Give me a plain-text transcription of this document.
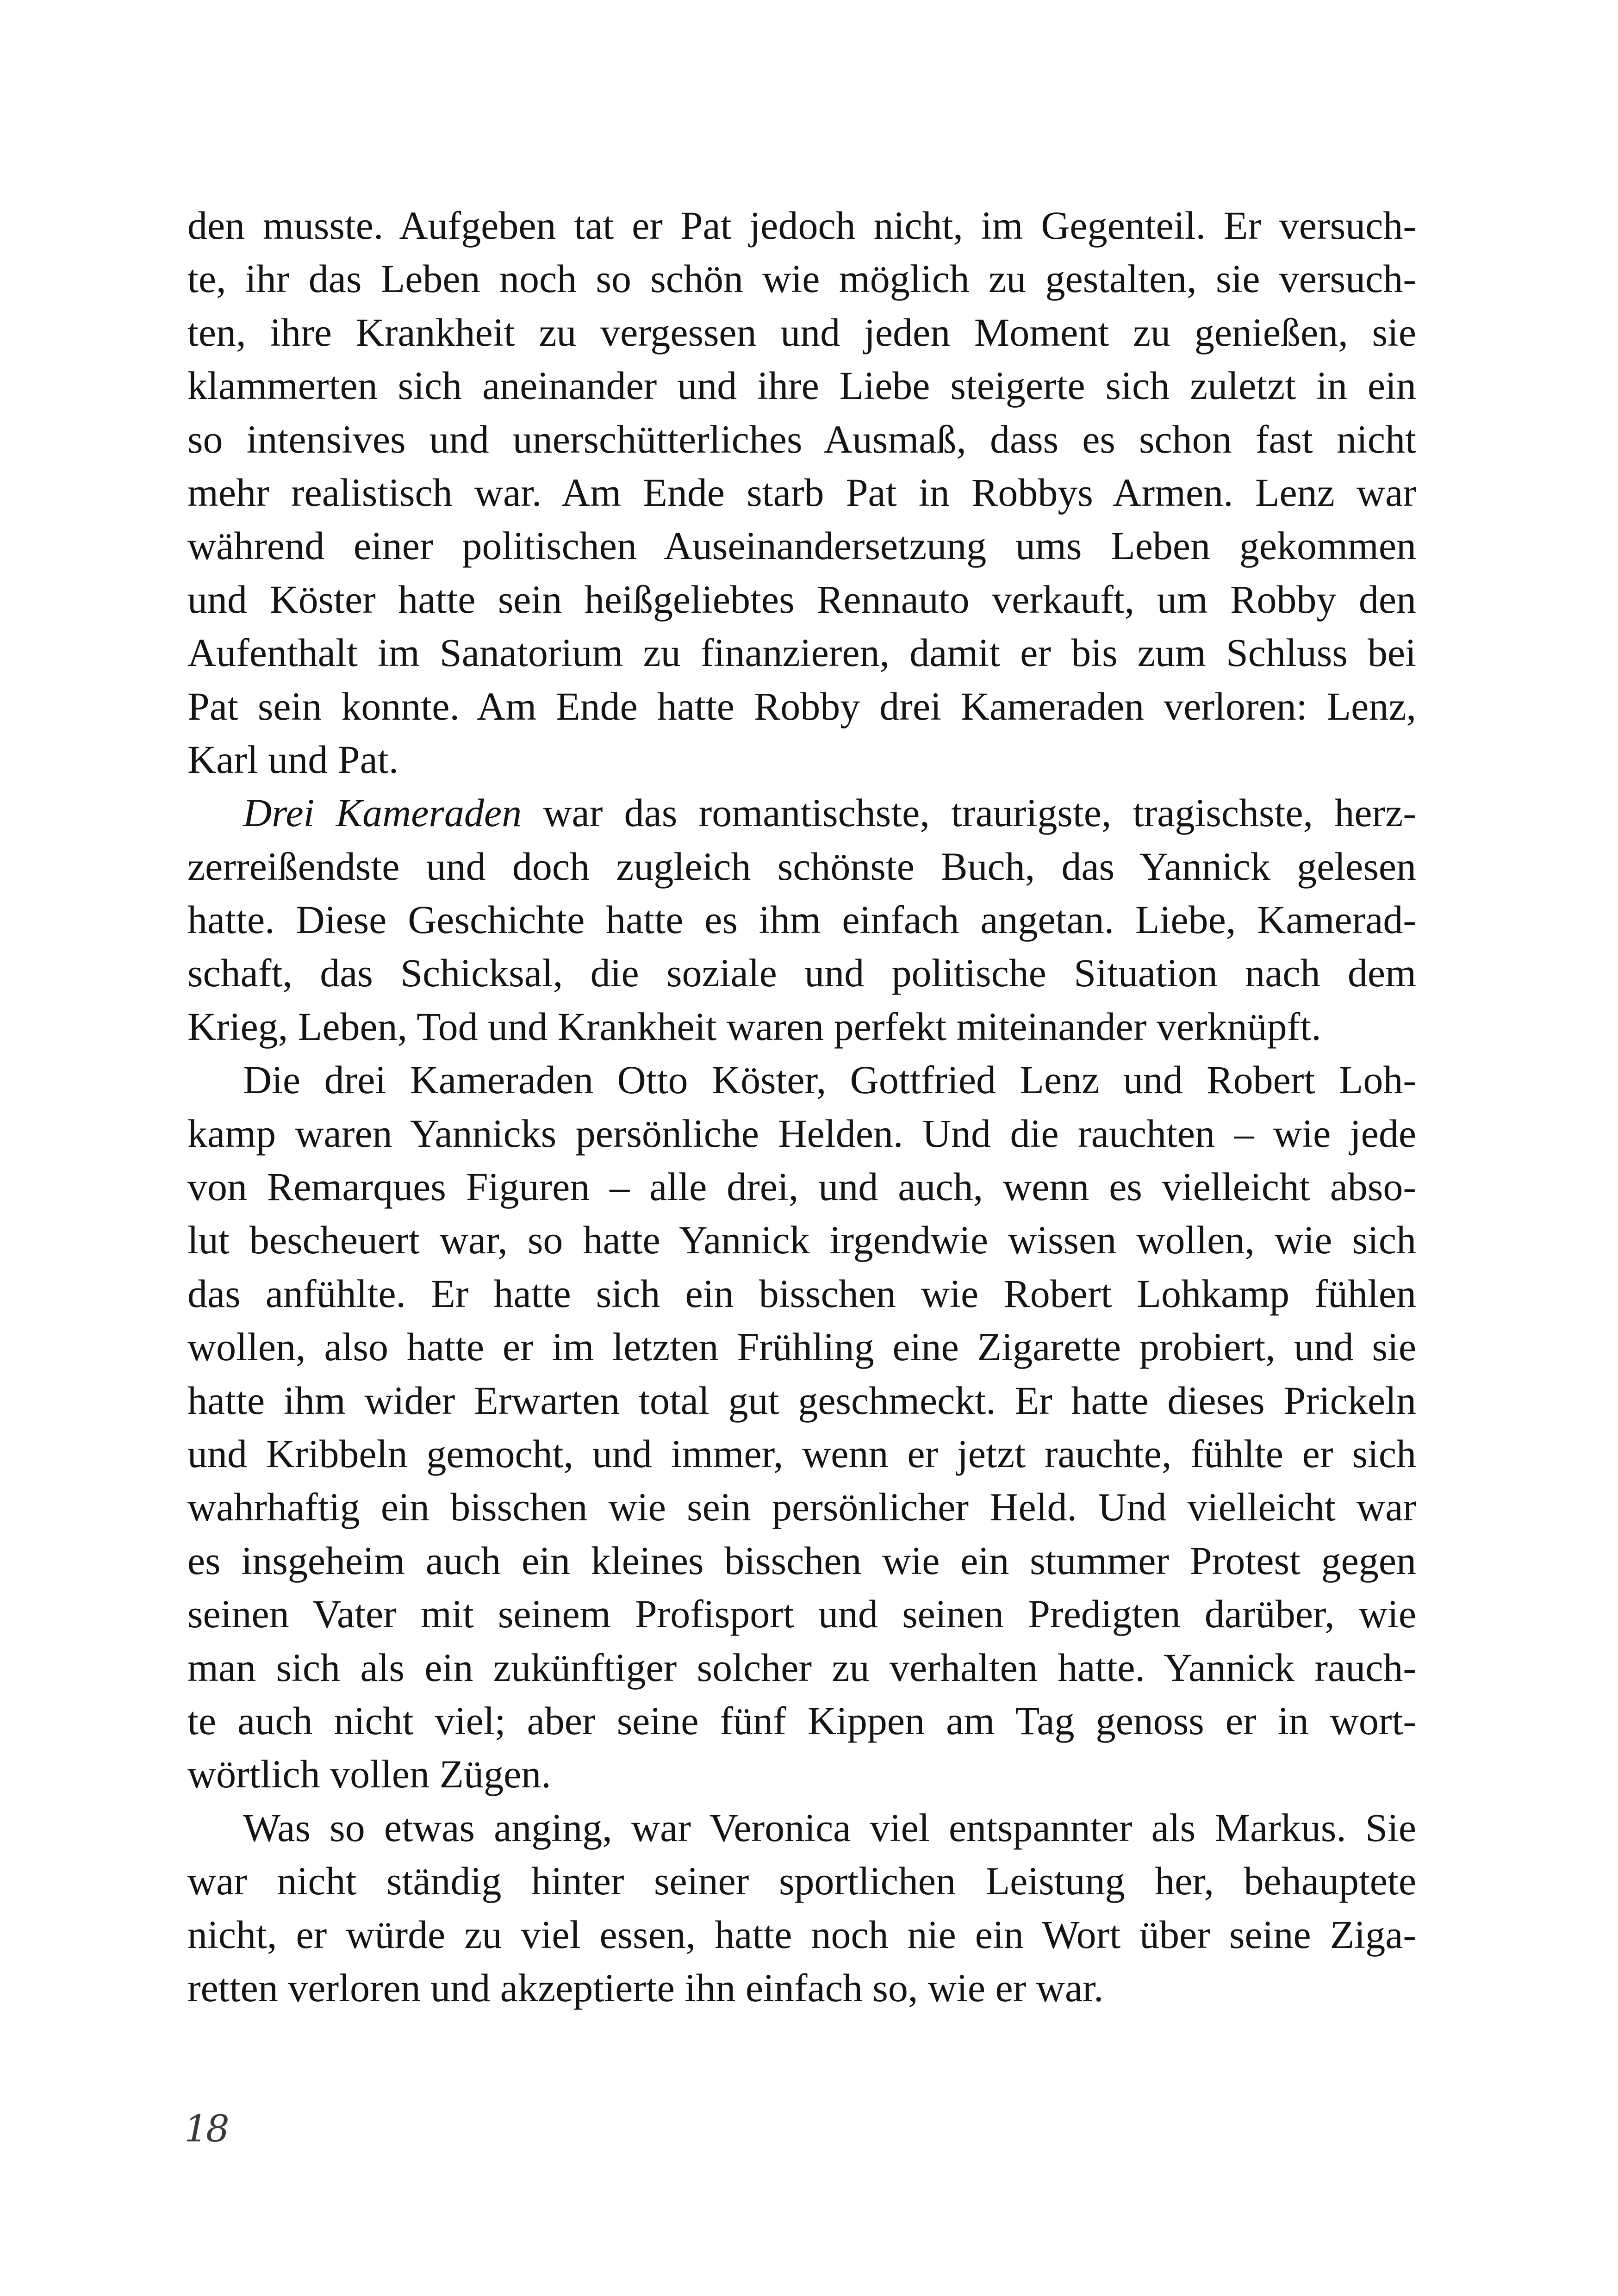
den musste. Aufgeben tat er Pat jedoch nicht, im Gegenteil. Er versuch-
te, ihr das Leben noch so schön wie möglich zu gestalten, sie versuch-
ten, ihre Krankheit zu vergessen und jeden Moment zu genießen, sie
klammerten sich aneinander und ihre Liebe steigerte sich zuletzt in ein
so intensives und unerschütterliches Ausmaß, dass es schon fast nicht
mehr realistisch war. Am Ende starb Pat in Robbys Armen. Lenz war
während einer politischen Auseinandersetzung ums Leben gekommen
und Köster hatte sein heißgeliebtes Rennauto verkauft, um Robby den
Aufenthalt im Sanatorium zu finanzieren, damit er bis zum Schluss bei
Pat sein konnte. Am Ende hatte Robby drei Kameraden verloren: Lenz,
Karl und Pat.
Drei Kameraden war das romantischste, traurigste, tragischste, herz-
zerreißendste und doch zugleich schönste Buch, das Yannick gelesen
hatte. Diese Geschichte hatte es ihm einfach angetan. Liebe, Kamerad-
schaft, das Schicksal, die soziale und politische Situation nach dem
Krieg, Leben, Tod und Krankheit waren perfekt miteinander verknüpft.
Die drei Kameraden Otto Köster, Gottfried Lenz und Robert Loh-
kamp waren Yannicks persönliche Helden. Und die rauchten – wie jede
von Remarques Figuren – alle drei, und auch, wenn es vielleicht abso-
lut bescheuert war, so hatte Yannick irgendwie wissen wollen, wie sich
das anfühlte. Er hatte sich ein bisschen wie Robert Lohkamp fühlen
wollen, also hatte er im letzten Frühling eine Zigarette probiert, und sie
hatte ihm wider Erwarten total gut geschmeckt. Er hatte dieses Prickeln
und Kribbeln gemocht, und immer, wenn er jetzt rauchte, fühlte er sich
wahrhaftig ein bisschen wie sein persönlicher Held. Und vielleicht war
es insgeheim auch ein kleines bisschen wie ein stummer Protest gegen
seinen Vater mit seinem Profisport und seinen Predigten darüber, wie
man sich als ein zukünftiger solcher zu verhalten hatte. Yannick rauch-
te auch nicht viel; aber seine fünf Kippen am Tag genoss er in wort-
wörtlich vollen Zügen.
Was so etwas anging, war Veronica viel entspannter als Markus. Sie
war nicht ständig hinter seiner sportlichen Leistung her, behauptete
nicht, er würde zu viel essen, hatte noch nie ein Wort über seine Ziga-
retten verloren und akzeptierte ihn einfach so, wie er war.
18
